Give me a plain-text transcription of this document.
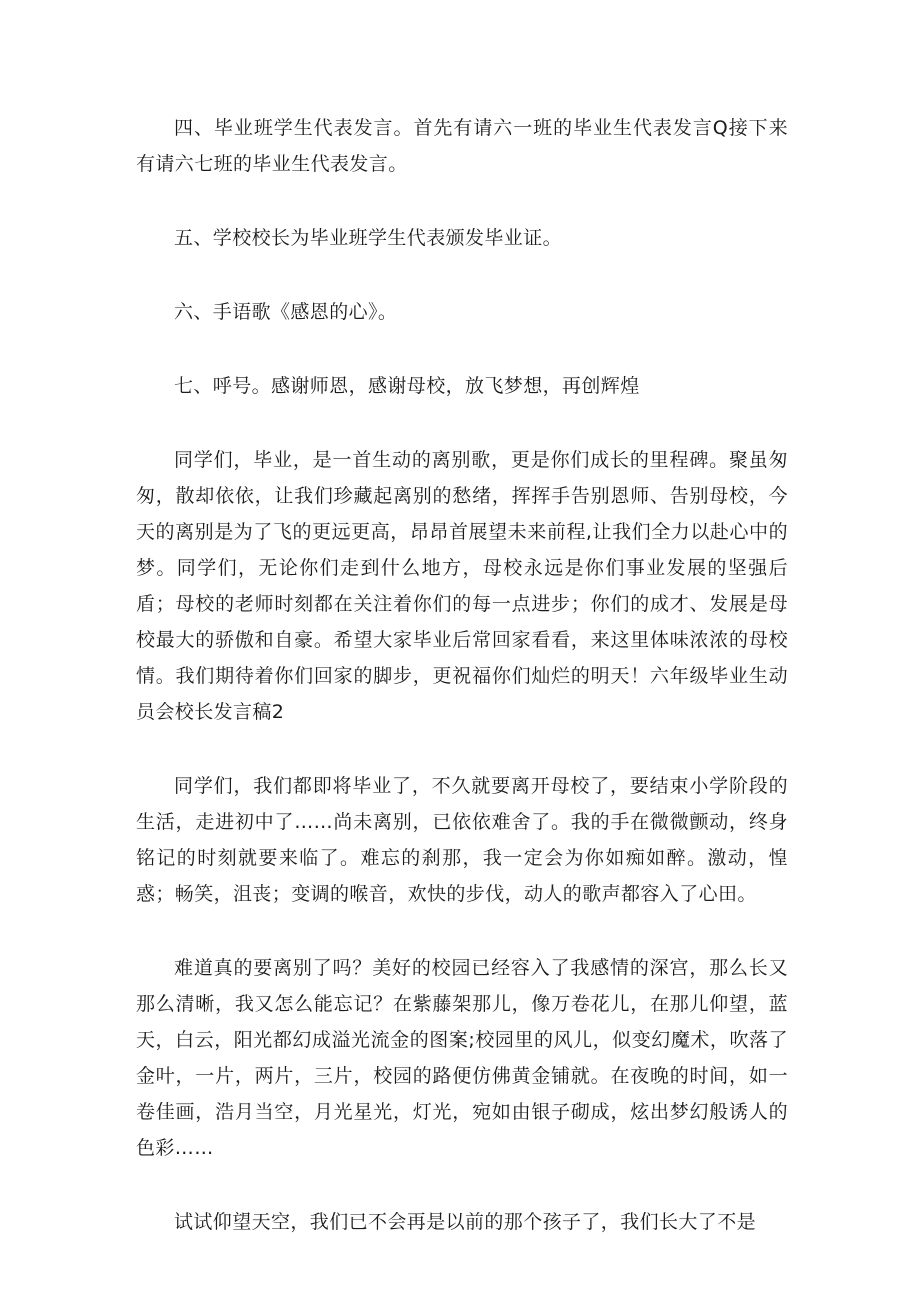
四、毕业班学生代表发言。首先有请六一班的毕业生代表发言Q接下来有请六七班的毕业生代表发言。

五、学校校长为毕业班学生代表颁发毕业证。

六、手语歌《感恩的心》。

七、呼号。感谢师恩，感谢母校，放飞梦想，再创辉煌

同学们，毕业，是一首生动的离别歌，更是你们成长的里程碑。聚虽匆匆，散却依依，让我们珍藏起离别的愁绪，挥挥手告别恩师、告别母校，今天的离别是为了飞的更远更高，昂昂首展望未来前程,让我们全力以赴心中的梦。同学们，无论你们走到什么地方，母校永远是你们事业发展的坚强后盾；母校的老师时刻都在关注着你们的每一点进步；你们的成才、发展是母校最大的骄傲和自豪。希望大家毕业后常回家看看，来这里体味浓浓的母校情。我们期待着你们回家的脚步，更祝福你们灿烂的明天！六年级毕业生动员会校长发言稿2

同学们，我们都即将毕业了，不久就要离开母校了，要结束小学阶段的生活，走进初中了……尚未离别，已依依难舍了。我的手在微微颤动，终身铭记的时刻就要来临了。难忘的刹那，我一定会为你如痴如醉。激动，惶惑；畅笑，沮丧；变调的喉音，欢快的步伐，动人的歌声都容入了心田。

难道真的要离别了吗？美好的校园已经容入了我感情的深宫，那么长又那么清晰，我又怎么能忘记？在紫藤架那儿，像万卷花儿，在那儿仰望，蓝天，白云，阳光都幻成溢光流金的图案;校园里的风儿，似变幻魔术，吹落了金叶，一片，两片，三片，校园的路便仿佛黄金铺就。在夜晚的时间，如一卷佳画，浩月当空，月光星光，灯光，宛如由银子砌成，炫出梦幻般诱人的色彩……

试试仰望天空，我们已不会再是以前的那个孩子了，我们长大了不是
